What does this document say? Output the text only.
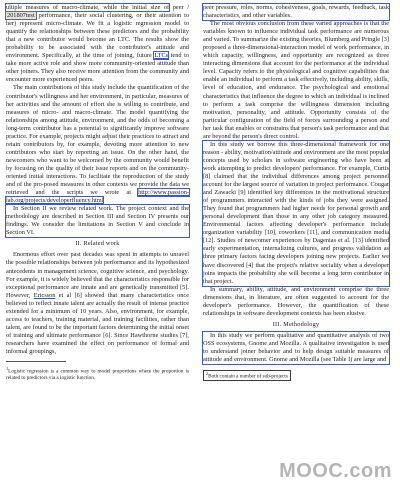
ultiple measures of macro-climate, while the initial size of peer / 201807test performance, their social clustering, or their attention to her) represent micro-climate. We fit a logistic regression model to quantify the relationships between these predictors and the probability that a new contributor would become an LTC. The results show the probability to be associated with the contributor's attitude and environment. Specifically, at the time of joining, future LTCs tend to take more active role and show more community-oriented attitude than other joiners. They also receive more attention from the community and encounter more experienced peers.

The main contributions of this study include the quantification of the contributor's willingness and her environment, in particular, measures of her activities and the amount of effort she is willing to contribute, and measures of micro- and macro-climate. The model quantifying the relationships among attitude, environment, and the odds of becoming a long-term contributor has a potential to significantly improve software practice. For example, projects might adjust their practices to attract and retain contributors by, for example, devoting more attention to new contributors who start by reporting an issue. On the other hand, the newcomers who want to be welcomed by the community would benefit by focusing on the quality of their issue reports and on the community-oriented initial interactions. To facilitate the reproduction of the study and of the pro-posed measures in other contexts we provide the data we retrieved and the scripts we wrote at http://www.passion-lab.org/projects/developerfluency.html

In Section II we review related work. The project context and the methodology are described in Section III and Section IV presents our findings. We consider the limitations in Section V and conclude in Section VI.

II. Related work

Enormous effort over past decades was spent in attempts to unravel the possible relationships between job performance and its hypothesized antecedents in management science, cognitive science, and psychology. For example, it is widely believed that the characteristics responsible for exceptional performance are innate and are genetically transmitted [5]. However, Ericsson et al [6] showed that many characteristics once believed to reflect innate talent are actually the result of intense practice extended for a minimum of 10 years. Also, environment, for example, access to teachers, training material, and training facilities, rather than talent, are found to be the important factors determining the initial onset of training and ultimate performance [6]. Since Hawthorne studies [7], researchers have examined the effect on performance of formal and informal groupings,

$^1$Logistic regression is a common way to model proportions where the proportion is related to predictors via a logistic function.

peer pressure, roles, norms, cohesiveness, goals, rewards, feedback, task characteristics, and other variables.

The most obvious conclusion from these varied approaches is that the variables known to influence individual task performance are numerous and varied. To summarize the existing theories, Blumberg and Pringle [3] proposed a three-dimensional-interaction model of work performance, in which capacity, willingness, and opportunity are recognized as three interacting dimensions that account for the performance at the individual level. Capacity refers to the physiological and cognitive capabilities that enable an individual to perform a task effectively, including ability, skills, level of education, and endurance. The psychological and emotional characteristics that influence the degree to which an individual is inclined to perform a task comprise the willingness dimension including motivation, personality, and attitude. Opportunity consists of the particular configuration of the field of forces surrounding a person and her task that enables or constrains that person's task performance and that are beyond the person's direct control.

In this study we borrow this three-dimensional framework for one reason - ability, motivation/attitude and environment are the most popular concepts used by scholars in software engineering who have been at work attempting to predict developers' performance. For example, Curtis [8] claimed that the individual differences among project personnel account for the largest source of variation in project performance. Cougar and Zawacki [9] identified key differences in the motivational structure of programmers interacted with the kinds of jobs they were assigned. They found that programmers had higher needs for personal growth and personal development than those in any other job category measured. Environmental factors affecting developer's performance include organization variability [10], coworkers [11], and communication media [12]. Studies of newcomer experiences by Dagenias et al. [13] identified early experimentation, internalizing cultures, and progress validation as three primary factors facing developers joining new projects. Earlier we have discovered [4] that the project's relative sociality when a developer joins impacts the probability she will become a long term contributor in that project.

In summary, ability, attitude, and environment comprise the three dimensions that, in literature, are often suggested to account for the developer's performance. However, the quantification of these relationships in software development contexts has been elusive.

III. Methodology

In this study we perform qualitative and quantitative analysis of two OSS ecosystems, Gnome and Mozilla. A qualitative investigation is used to understand joiner behavior and to help design suitable measures of attitude and environment. Gnome and Mozilla (see Table I) are large and

$^2$Both contain a number of sub-projects
MOOC.com
